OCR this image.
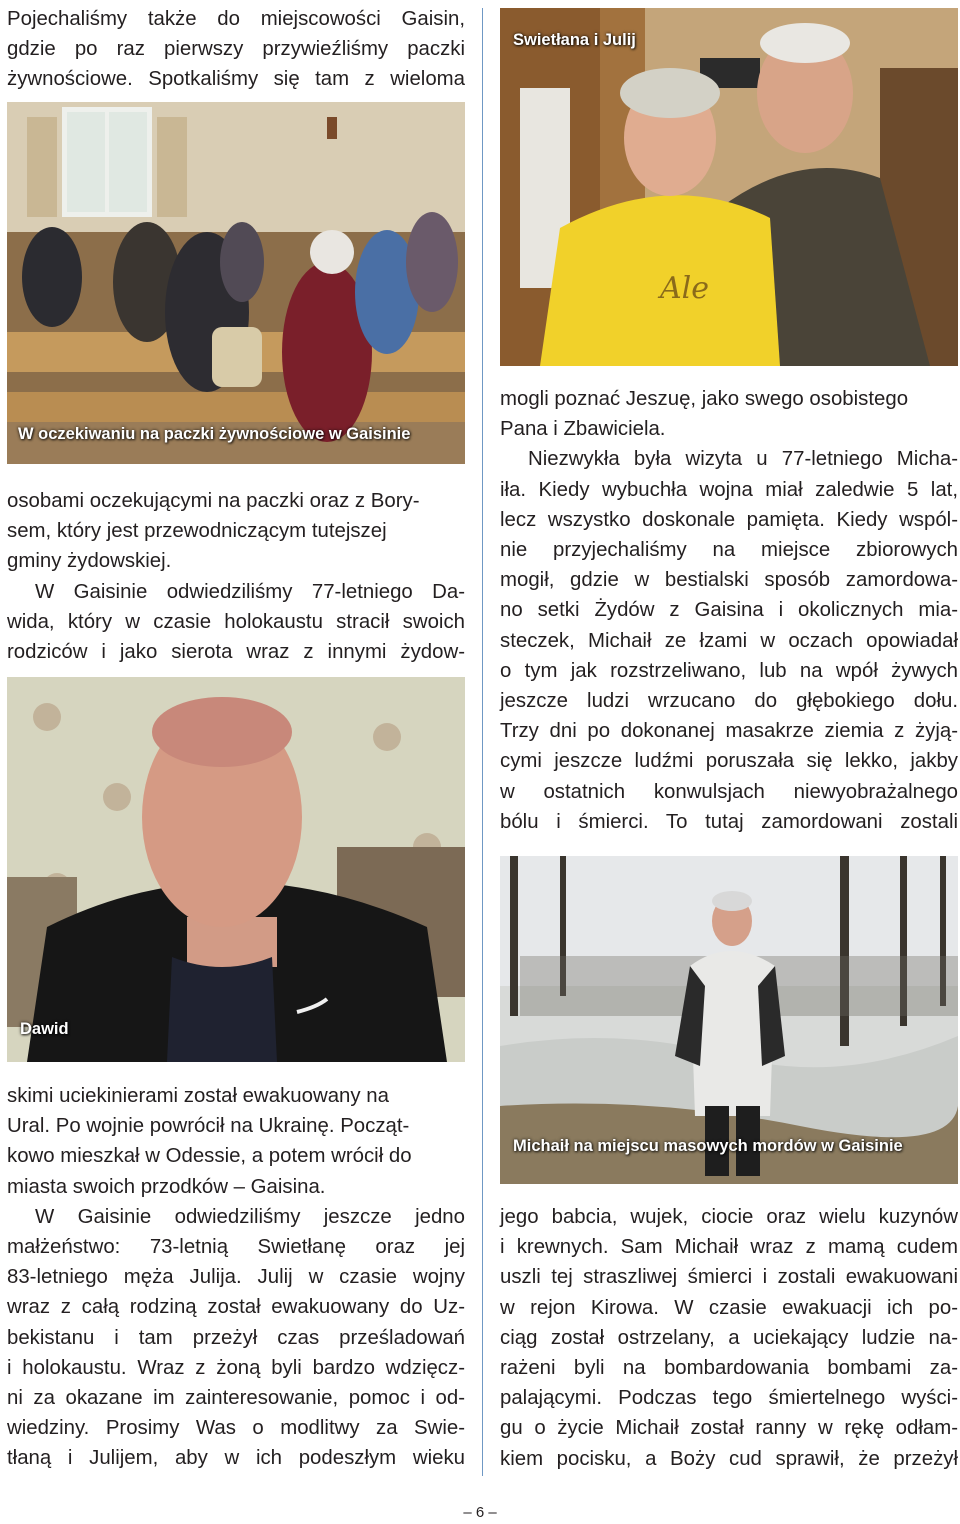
Pojechaliśmy także do miejscowości Gaisin,
gdzie po raz pierwszy przywieźliśmy paczki
żywnościowe. Spotkaliśmy się tam z wieloma

W oczekiwaniu na paczki żywnościowe w Gaisinie

osobami oczekującymi na paczki oraz z Bory-
sem, który jest przewodniczącym tutejszej
gminy żydowskiej.

W Gaisinie odwiedziliśmy 77-letniego Da-
wida, który w czasie holokaustu stracił swoich
rodziców i jako sierota wraz z innymi żydow-

Dawid

skimi uciekinierami został ewakuowany na
Ural. Po wojnie powrócił na Ukrainę. Począt-
kowo mieszkał w Odessie, a potem wrócił do
miasta swoich przodków – Gaisina.

W Gaisinie odwiedziliśmy jeszcze jedno
małżeństwo: 73-letnią Swietłanę oraz jej
83-letniego męża Julija. Julij w czasie wojny
wraz z całą rodziną został ewakuowany do Uz-
bekistanu i tam przeżył czas prześladowań
i holokaustu. Wraz z żoną byli bardzo wdzięcz-
ni za okazane im zainteresowanie, pomoc i od-
wiedziny. Prosimy Was o modlitwy za Swie-
tłaną i Julijem, aby w ich podeszłym wieku

Ale
Swietłana i Julij

mogli poznać Jeszuę, jako swego osobistego
Pana i Zbawiciela.

Niezwykła była wizyta u 77-letniego Micha-
iła. Kiedy wybuchła wojna miał zaledwie 5 lat,
lecz wszystko doskonale pamięta. Kiedy wspól-
nie przyjechaliśmy na miejsce zbiorowych
mogił, gdzie w bestialski sposób zamordowa-
no setki Żydów z Gaisina i okolicznych mia-
steczek, Michaił ze łzami w oczach opowiadał
o tym jak rozstrzeliwano, lub na wpół żywych
jeszcze ludzi wrzucano do głębokiego dołu.
Trzy dni po dokonanej masakrze ziemia z żyją-
cymi jeszcze ludźmi poruszała się lekko, jakby
w ostatnich konwulsjach niewyobrażalnego
bólu i śmierci. To tutaj zamordowani zostali

Michaił na miejscu masowych mordów w Gaisinie

jego babcia, wujek, ciocie oraz wielu kuzynów
i krewnych. Sam Michaił wraz z mamą cudem
uszli tej straszliwej śmierci i zostali ewakuowani
w rejon Kirowa. W czasie ewakuacji ich po-
ciąg został ostrzelany, a uciekający ludzie na-
rażeni byli na bombardowania bombami za-
palającymi. Podczas tego śmiertelnego wyści-
gu o życie Michaił został ranny w rękę odłam-
kiem pocisku, a Boży cud sprawił, że przeżył

– 6 –
